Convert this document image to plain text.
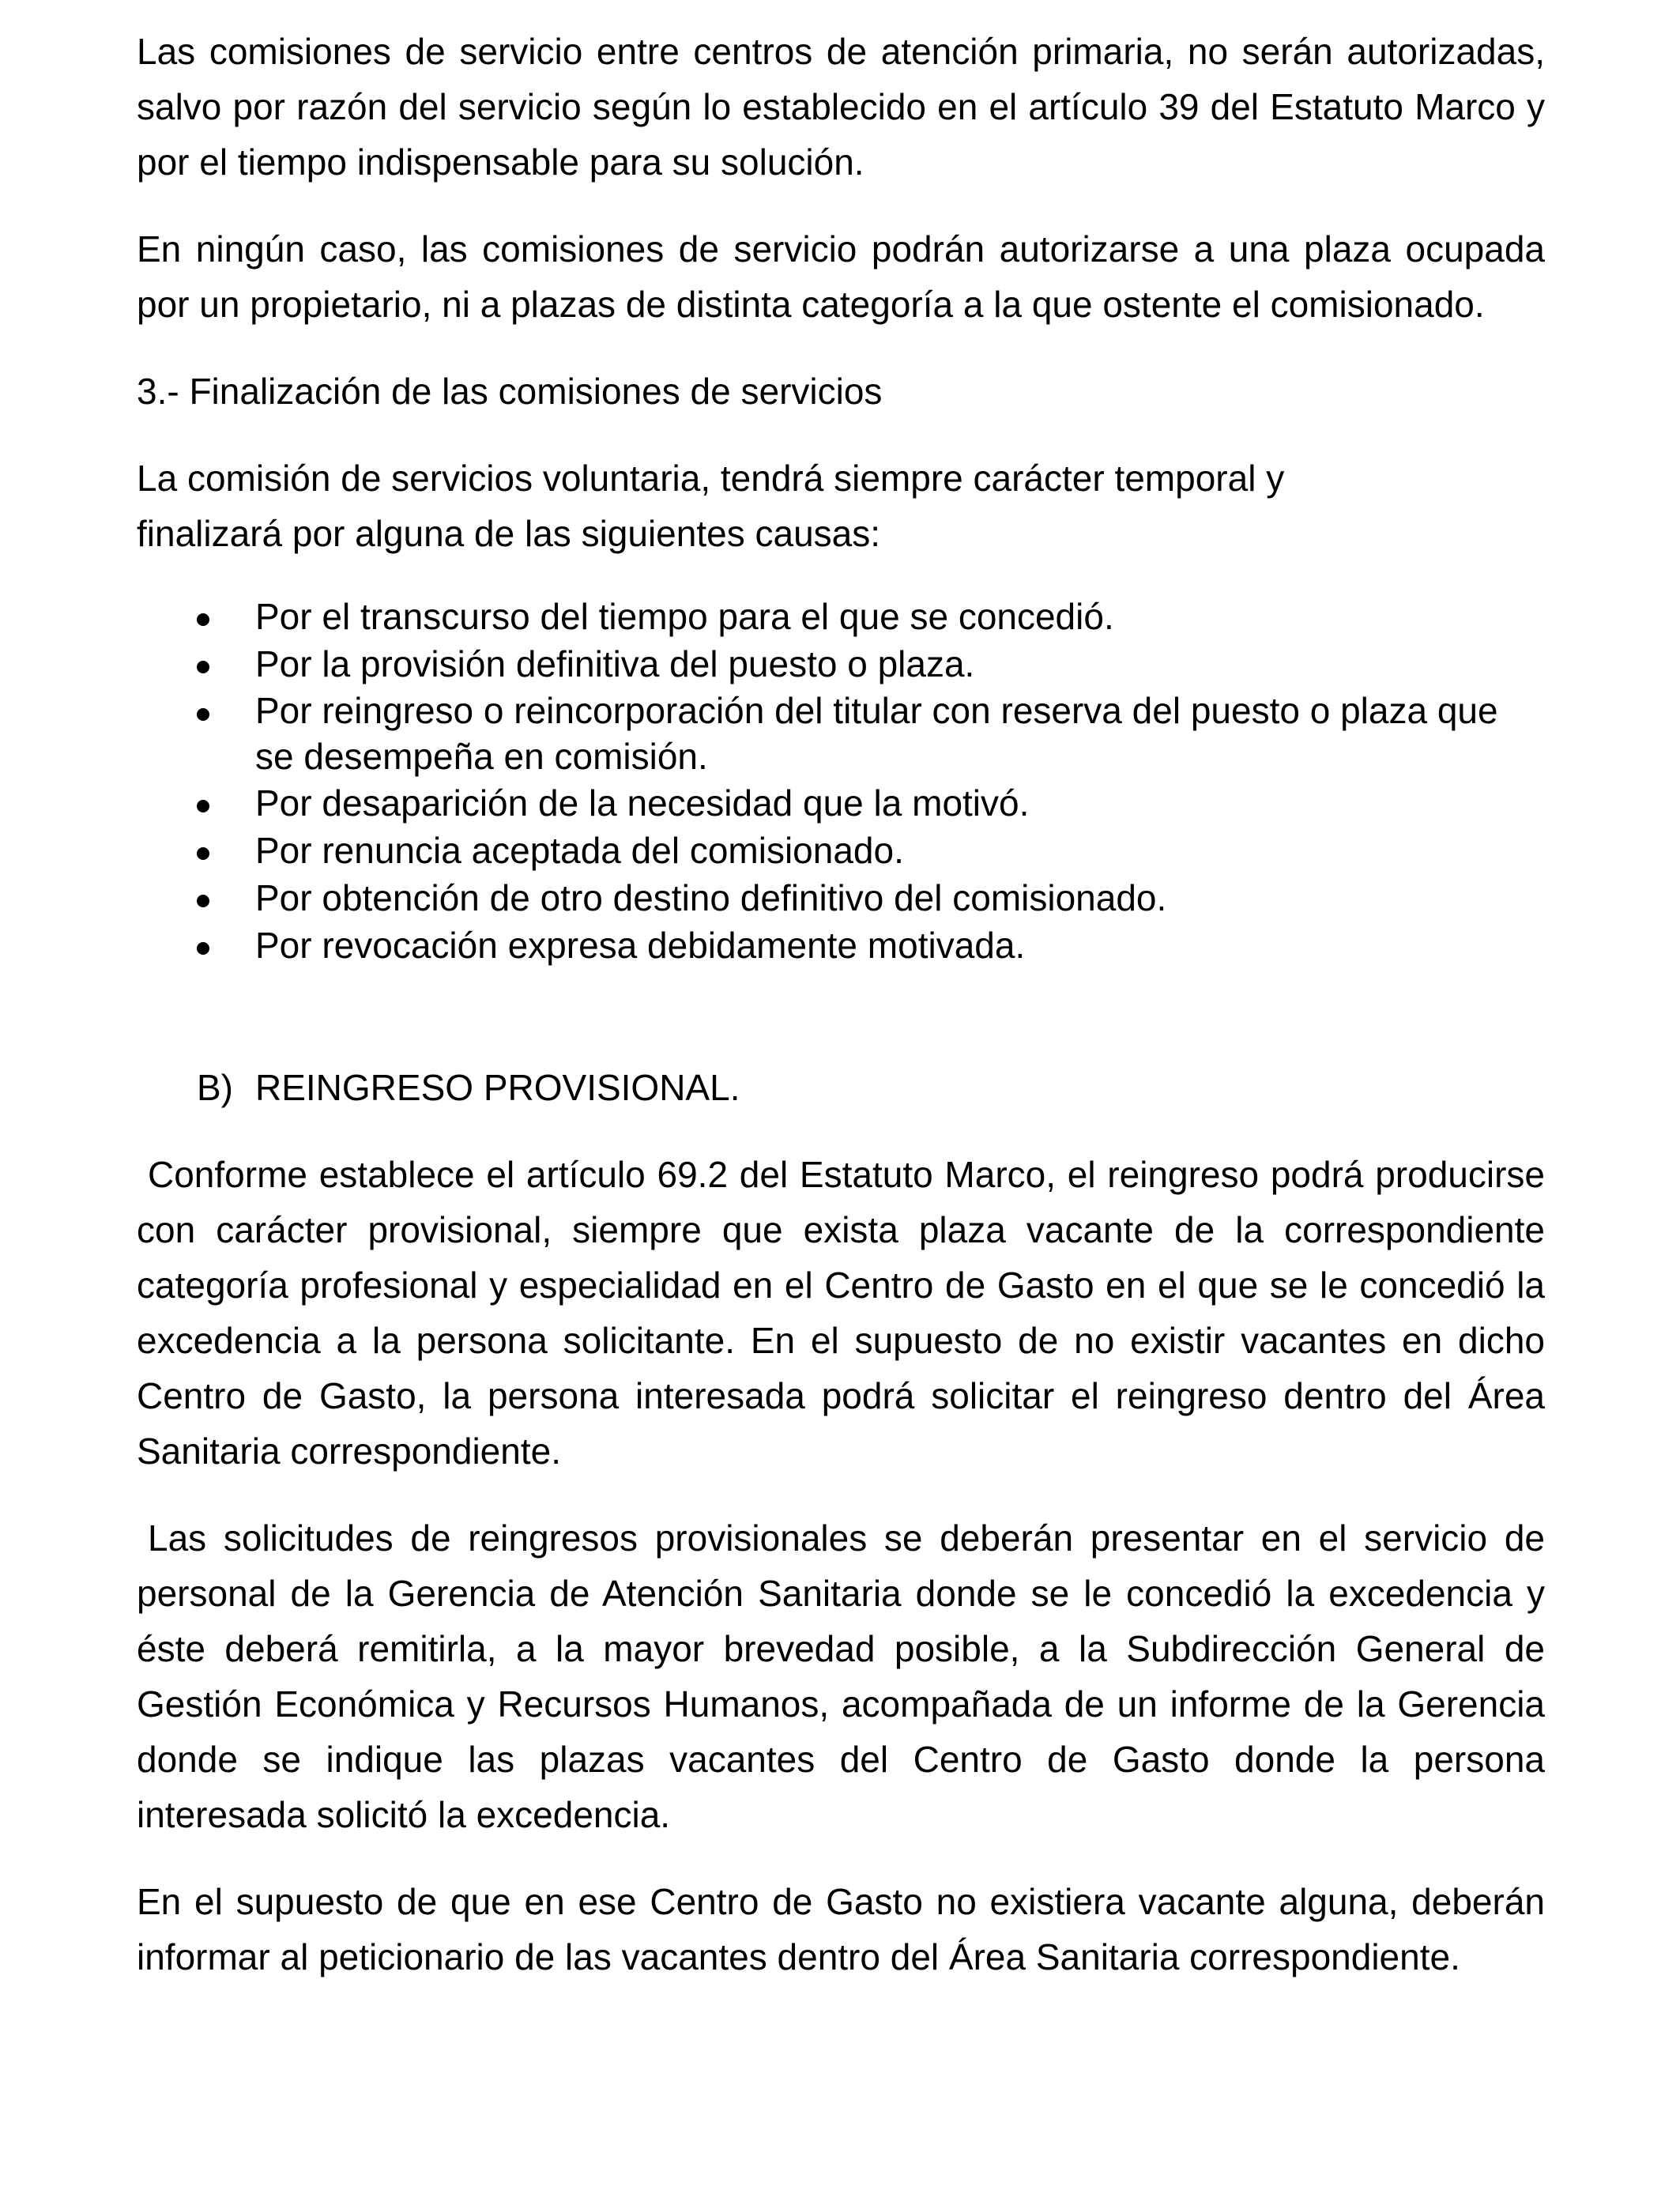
Las comisiones de servicio entre centros de atención primaria, no serán autorizadas, salvo por razón del servicio según lo establecido en el artículo 39 del Estatuto Marco y por el tiempo indispensable para su solución.

En ningún caso, las comisiones de servicio podrán autorizarse a una plaza ocupada por un propietario, ni a plazas de distinta categoría a la que ostente el comisionado.

3.- Finalización de las comisiones de servicios

La comisión de servicios voluntaria, tendrá siempre carácter temporal y

finalizará por alguna de las siguientes causas:

Por el transcurso del tiempo para el que se concedió.
Por la provisión definitiva del puesto o plaza.
Por reingreso o reincorporación del titular con reserva del puesto o plaza que se desempeña en comisión.
Por desaparición de la necesidad que la motivó.
Por renuncia aceptada del comisionado.
Por obtención de otro destino definitivo del comisionado.
Por revocación expresa debidamente motivada.
B) REINGRESO PROVISIONAL.

Conforme establece el artículo 69.2 del Estatuto Marco, el reingreso podrá producirse con carácter provisional, siempre que exista plaza vacante de la correspondiente categoría profesional y especialidad en el Centro de Gasto en el que se le concedió la excedencia a la persona solicitante. En el supuesto de no existir vacantes en dicho Centro de Gasto, la persona interesada podrá solicitar el reingreso dentro del Área Sanitaria correspondiente.

Las solicitudes de reingresos provisionales se deberán presentar en el servicio de personal de la Gerencia de Atención Sanitaria donde se le concedió la excedencia y éste deberá remitirla, a la mayor brevedad posible, a la Subdirección General de Gestión Económica y Recursos Humanos, acompañada de un informe de la Gerencia donde se indique las plazas vacantes del Centro de Gasto donde la persona interesada solicitó la excedencia.

En el supuesto de que en ese Centro de Gasto no existiera vacante alguna, deberán informar al peticionario de las vacantes dentro del Área Sanitaria correspondiente.
